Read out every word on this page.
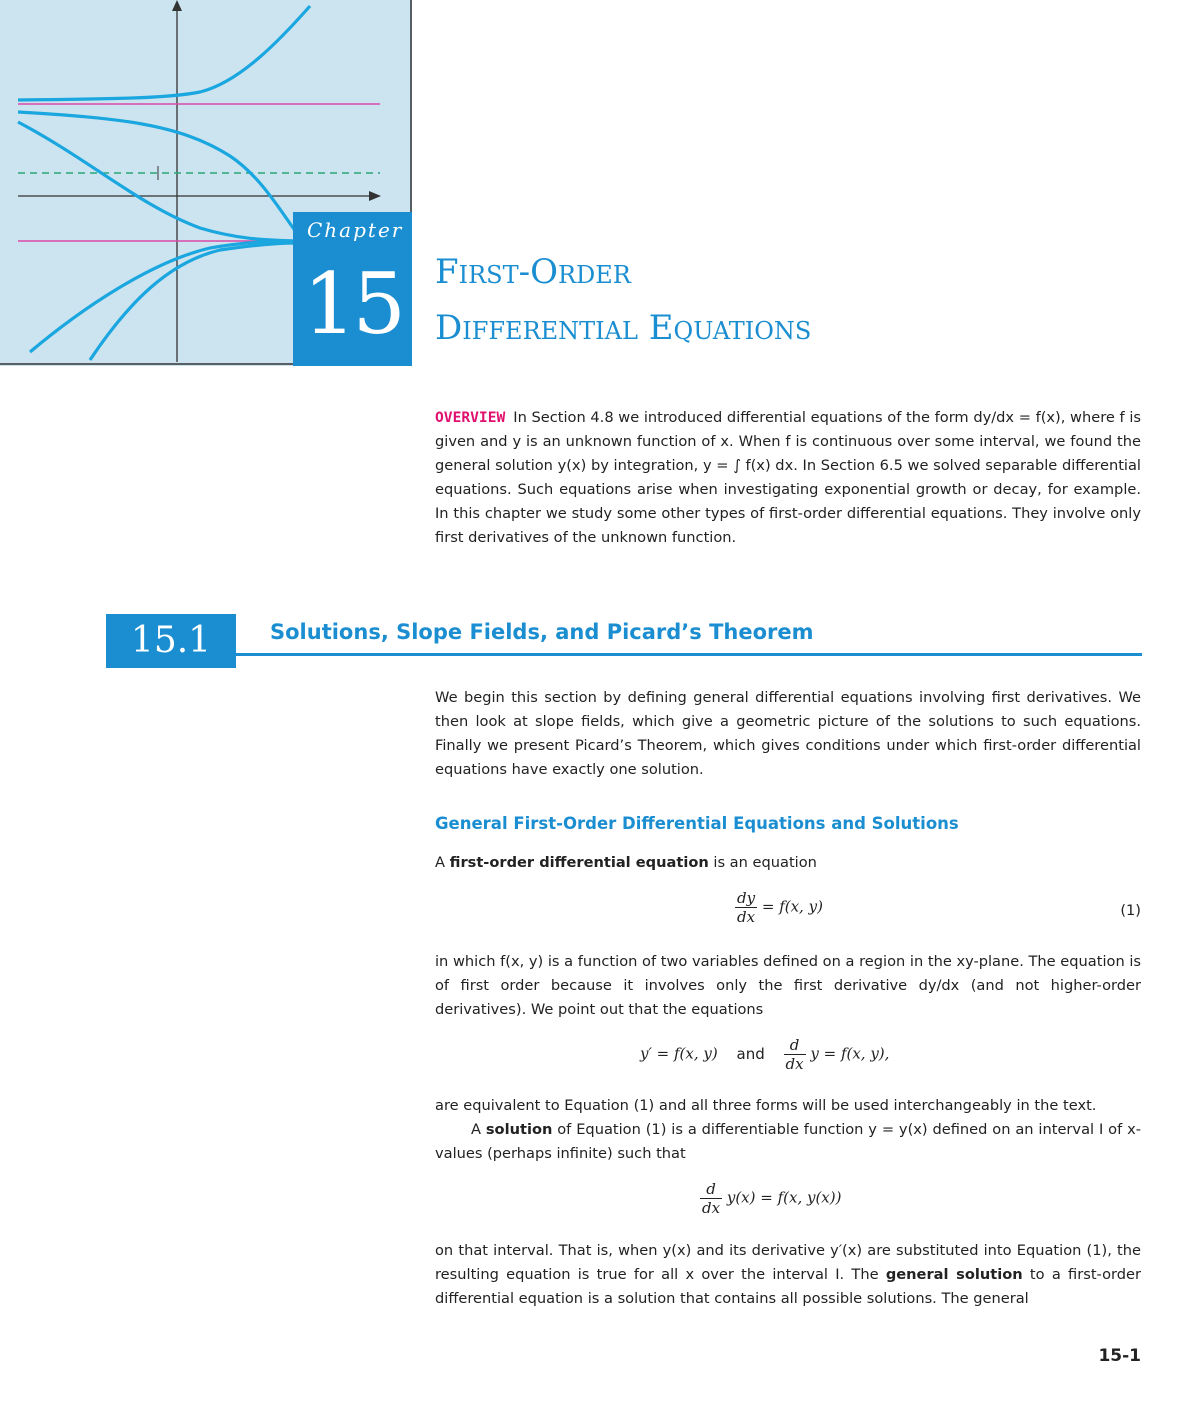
Chapter
15 First-Order
Differential Equations
OVERVIEW In Section 4.8 we introduced differential equations of the form dy/dx = f(x), where f is given and y is an unknown function of x. When f is continuous over some interval, we found the general solution y(x) by integration, y = ∫ f(x) dx. In Section 6.5 we solved separable differential equations. Such equations arise when investigating exponential growth or decay, for example. In this chapter we study some other types of first-order differential equations. They involve only first derivatives of the unknown function.
15.1	Solutions, Slope Fields, and Picard’s Theorem
We begin this section by defining general differential equations involving first derivatives. We then look at slope fields, which give a geometric picture of the solutions to such equations. Finally we present Picard’s Theorem, which gives conditions under which first-order differential equations have exactly one solution.
General First-Order Differential Equations and Solutions
A first-order differential equation is an equation
$\frac{dy}{dx} = f(x$, y)	(1)
in which f(x, y) is a function of two variables defined on a region in the xy-plane. The equation is of first order because it involves only the first derivative dy/dx (and not higher-order derivatives). We point out that the equations
y′ = f(x, y) and $\frac{d}{dx}$ y = f(x, y),
are equivalent to Equation (1) and all three forms will be used interchangeably in the text.
A solution of Equation (1) is a differentiable function y = y(x) defined on an interval I of x-values (perhaps infinite) such that
$\frac{d}{dx} y(x) = f(x$, y(x))
on that interval. That is, when y(x) and its derivative y′(x) are substituted into Equation (1), the resulting equation is true for all x over the interval I. The general solution to a first-order differential equation is a solution that contains all possible solutions. The general
15-1
